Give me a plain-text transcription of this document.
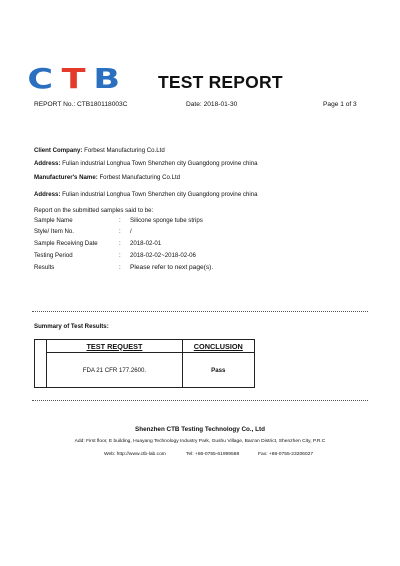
C T B TEST REPORT
REPORT No.: CTB180118003C	Date: 2018-01-30	Page 1 of 3
Client Company: Forbest Manufacturing Co.Ltd
Address: Fulian industrial Longhua Town Shenzhen city Guangdong provine china
Manufacturer's Name: Forbest Manufacturing Co.Ltd
Address: Fulian industrial Longhua Town Shenzhen city Guangdong provine china
Report on the submitted samples said to be:
Sample Name	: Silicone sponge tube strips
Style/ Item No.	: /
Sample Receiving Date	: 2018-02-01
Testing Period	: 2018-02-02~2018-02-06
Results	: Please refer to next page(s).
Summary of Test Results:
	TEST REQUEST	CONCLUSION
	FDA 21 CFR 177.2600.	Pass
Shenzhen CTB Testing Technology Co., Ltd
Add: First floor, E building, Huayang Technology Industry Park, Gushu Village, Bao'an District, Shenzhen City, P.R.C
Web: http://www.ctb-lab.com	Tel: +86-0755-61999588	Fax: +86-0755-23206027
